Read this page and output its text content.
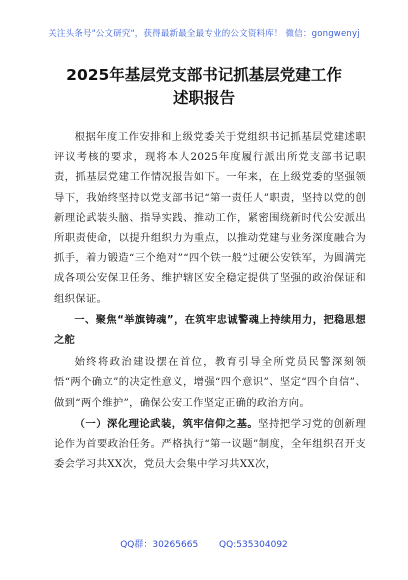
关注头条号"公文研究"，获得最新最全最专业的公文资料库！ 微信：gongwenyj
2025年基层党支部书记抓基层党建工作
述职报告

根据年度工作安排和上级党委关于党组织书记抓基层党建述职评议考核的要求，现将本人2025年度履行派出所党支部书记职责，抓基层党建工作情况报告如下。一年来，在上级党委的坚强领导下，我始终坚持以党支部书记“第一责任人”职责，坚持以党的创新理论武装头脑、指导实践、推动工作，紧密围绕新时代公安派出所职责使命，以提升组织力为重点，以推动党建与业务深度融合为抓手，着力锻造“三个绝对”“四个铁一般”过硬公安铁军，为圆满完成各项公安保卫任务、维护辖区安全稳定提供了坚强的政治保证和组织保证。

一、聚焦“举旗铸魂”，在筑牢忠诚警魂上持续用力，把稳思想之舵

始终将政治建设摆在首位，教育引导全所党员民警深刻领悟“两个确立”的决定性意义，增强“四个意识”、坚定“四个自信”、做到“两个维护”，确保公安工作坚定正确的政治方向。

（一）深化理论武装，筑牢信仰之基。坚持把学习党的创新理论作为首要政治任务。严格执行“第一议题”制度，全年组织召开支委会学习共XX次，党员大会集中学习共XX次，

QQ群：30265665 QQ:535304092
